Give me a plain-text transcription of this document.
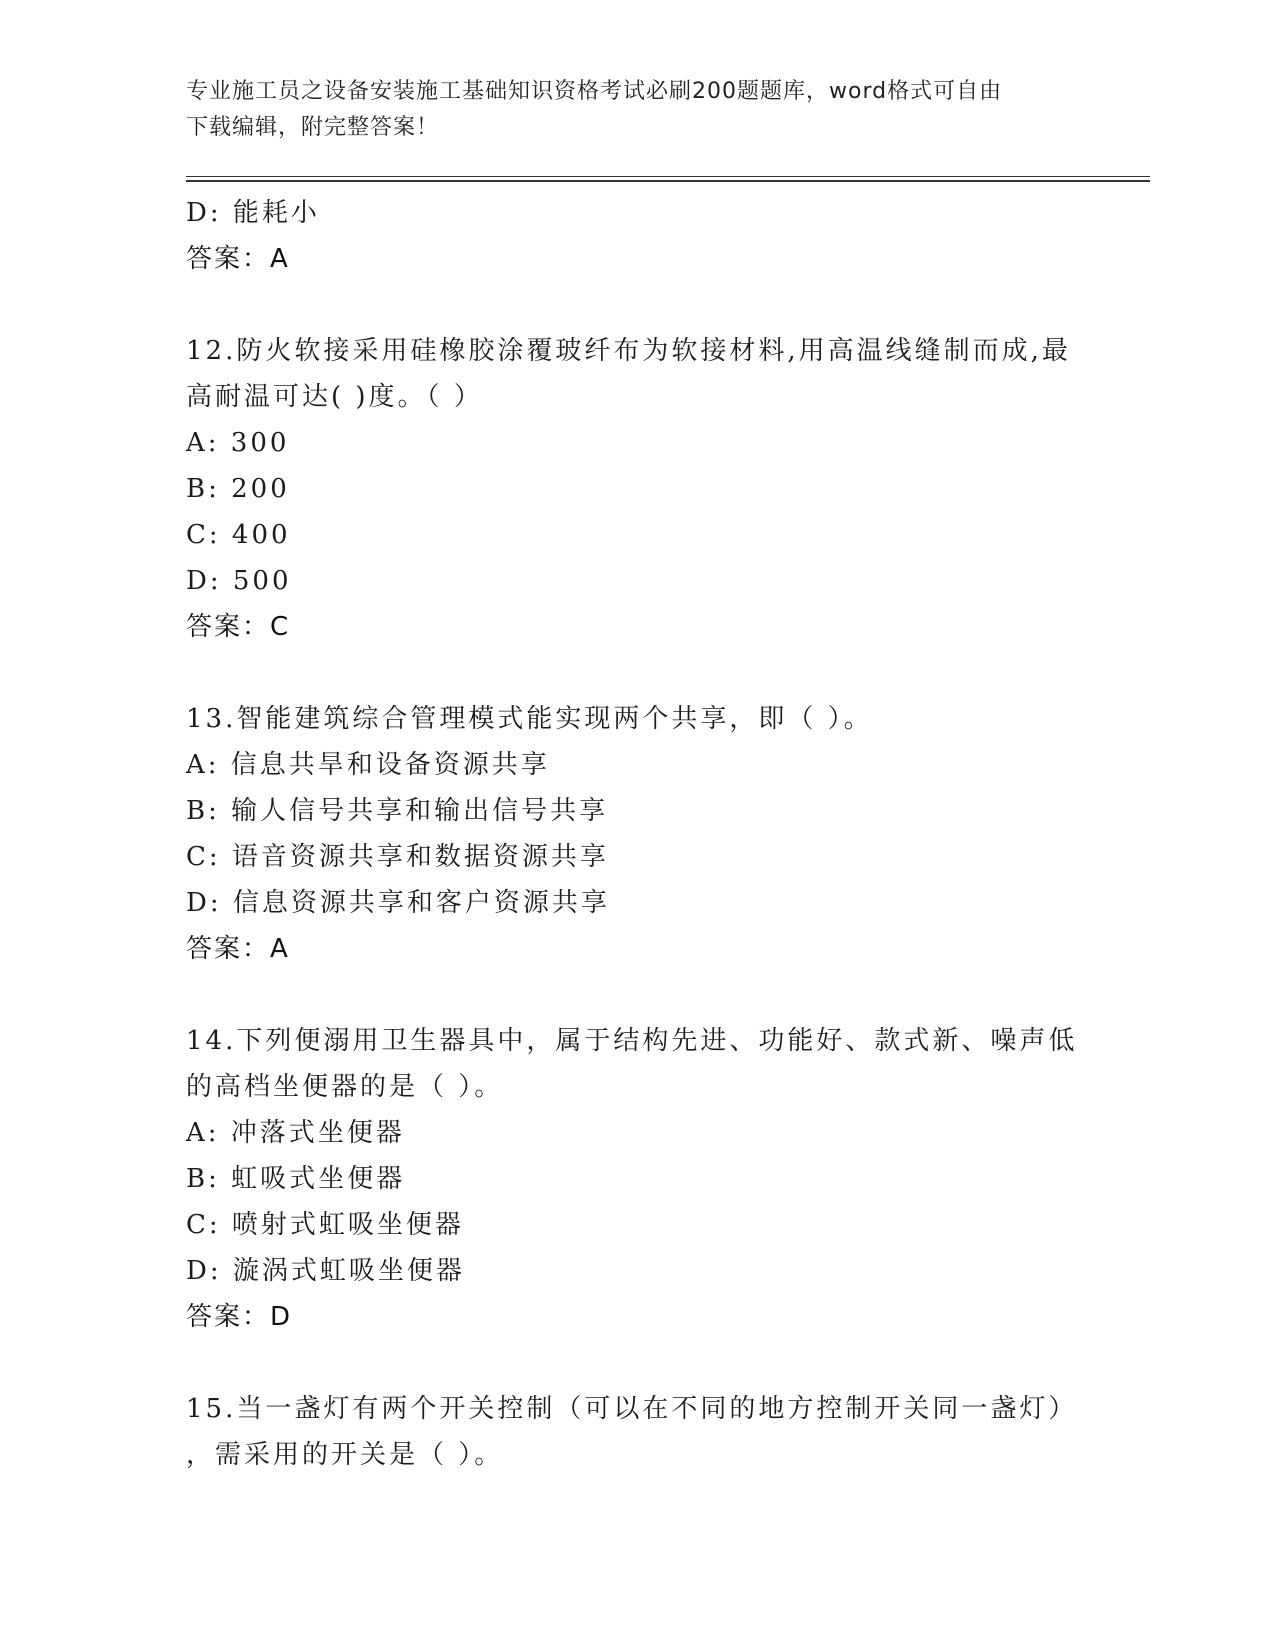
专业施工员之设备安装施工基础知识资格考试必刷200题题库，word格式可自由
下载编辑，附完整答案！
D: 能耗小
答案：A
12.防火软接采用硅橡胶涂覆玻纤布为软接材料,用高温线缝制而成,最
高耐温可达( )度。（ ）
A: 300
B: 200
C: 400
D: 500
答案：C
13.智能建筑综合管理模式能实现两个共享，即（ ）。
A: 信息共旱和设备资源共享
B: 输人信号共享和输出信号共享
C: 语音资源共享和数据资源共享
D: 信息资源共享和客户资源共享
答案：A
14.下列便溺用卫生器具中，属于结构先进、功能好、款式新、噪声低
的高档坐便器的是（ ）。
A: 冲落式坐便器
B: 虹吸式坐便器
C: 喷射式虹吸坐便器
D: 漩涡式虹吸坐便器
答案：D
15.当一盏灯有两个开关控制（可以在不同的地方控制开关同一盏灯）
，需采用的开关是（ ）。
